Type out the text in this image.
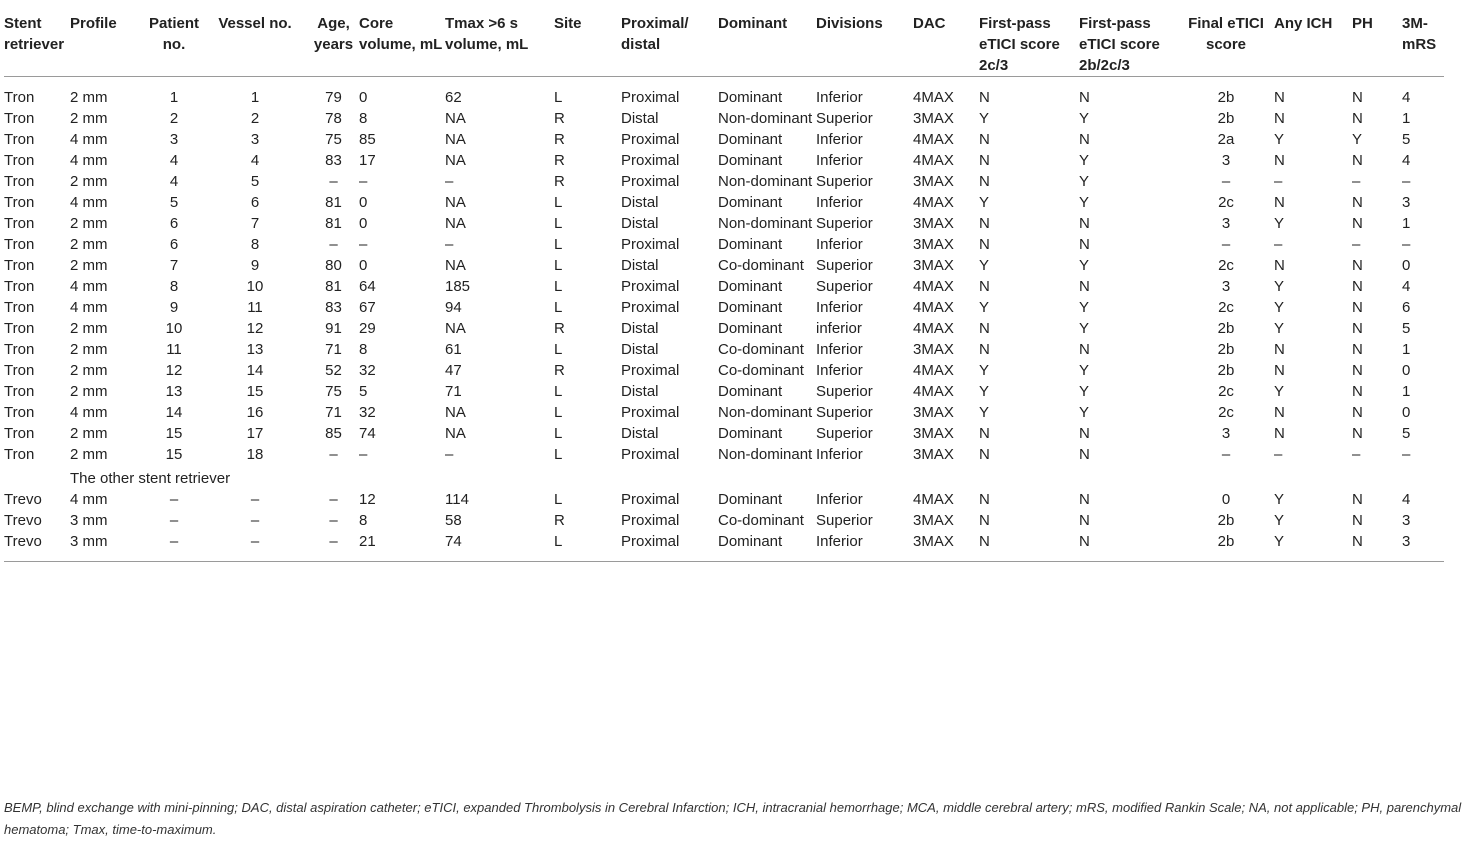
Stent retriever	Profile	Patient no.	Vessel no.	Age, years	Core volume, mL	Tmax >6 s volume, mL	Site	Proximal/ distal	Dominant	Divisions	DAC	First-pass eTICI score 2c/3	First-pass eTICI score 2b/2c/3	Final eTICI score	Any ICH	PH	3M-mRS
Tron	2 mm	1	1	79	0	62	L	Proximal	Dominant	Inferior	4MAX	N	N	2b	N	N	4
Tron	2 mm	2	2	78	8	NA	R	Distal	Non-dominant	Superior	3MAX	Y	Y	2b	N	N	1
Tron	4 mm	3	3	75	85	NA	R	Proximal	Dominant	Inferior	4MAX	N	N	2a	Y	Y	5
Tron	4 mm	4	4	83	17	NA	R	Proximal	Dominant	Inferior	4MAX	N	Y	3	N	N	4
Tron	2 mm	4	5	–	–	–	R	Proximal	Non-dominant	Superior	3MAX	N	Y	–	–	–	–
Tron	4 mm	5	6	81	0	NA	L	Distal	Dominant	Inferior	4MAX	Y	Y	2c	N	N	3
Tron	2 mm	6	7	81	0	NA	L	Distal	Non-dominant	Superior	3MAX	N	N	3	Y	N	1
Tron	2 mm	6	8	–	–	–	L	Proximal	Dominant	Inferior	3MAX	N	N	–	–	–	–
Tron	2 mm	7	9	80	0	NA	L	Distal	Co-dominant	Superior	3MAX	Y	Y	2c	N	N	0
Tron	4 mm	8	10	81	64	185	L	Proximal	Dominant	Superior	4MAX	N	N	3	Y	N	4
Tron	4 mm	9	11	83	67	94	L	Proximal	Dominant	Inferior	4MAX	Y	Y	2c	Y	N	6
Tron	2 mm	10	12	91	29	NA	R	Distal	Dominant	inferior	4MAX	N	Y	2b	Y	N	5
Tron	2 mm	11	13	71	8	61	L	Distal	Co-dominant	Inferior	3MAX	N	N	2b	N	N	1
Tron	2 mm	12	14	52	32	47	R	Proximal	Co-dominant	Inferior	4MAX	Y	Y	2b	N	N	0
Tron	2 mm	13	15	75	5	71	L	Distal	Dominant	Superior	4MAX	Y	Y	2c	Y	N	1
Tron	4 mm	14	16	71	32	NA	L	Proximal	Non-dominant	Superior	3MAX	Y	Y	2c	N	N	0
Tron	2 mm	15	17	85	74	NA	L	Distal	Dominant	Superior	3MAX	N	N	3	N	N	5
Tron	2 mm	15	18	–	–	–	L	Proximal	Non-dominant	Inferior	3MAX	N	N	–	–	–	–
The other stent retriever																	
Trevo	4 mm	–	–	–	12	114	L	Proximal	Dominant	Inferior	4MAX	N	N	0	Y	N	4
Trevo	3 mm	–	–	–	8	58	R	Proximal	Co-dominant	Superior	3MAX	N	N	2b	Y	N	3
Trevo	3 mm	–	–	–	21	74	L	Proximal	Dominant	Inferior	3MAX	N	N	2b	Y	N	3
BEMP, blind exchange with mini-pinning; DAC, distal aspiration catheter; eTICI, expanded Thrombolysis in Cerebral Infarction; ICH, intracranial hemorrhage; MCA, middle cerebral artery; mRS, modified Rankin Scale; NA, not applicable; PH, parenchymal hematoma; Tmax, time-to-maximum.
